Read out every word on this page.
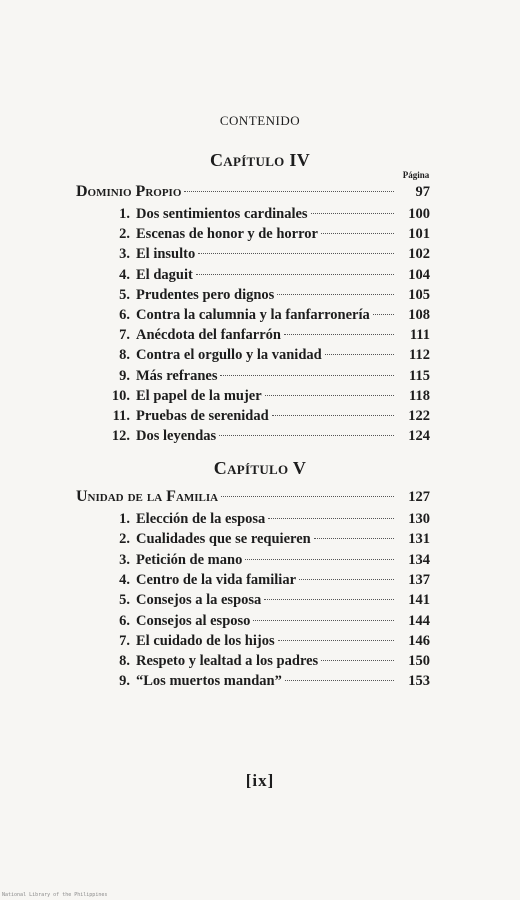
CONTENIDO
Capítulo IV
Página
Dominio Propio	97
1. Dos sentimientos cardinales	100
2. Escenas de honor y de horror	101
3. El insulto	102
4. El daguit	104
5. Prudentes pero dignos	105
6. Contra la calumnia y la fanfarronería	108
7. Anécdota del fanfarrón	111
8. Contra el orgullo y la vanidad	112
9. Más refranes	115
10. El papel de la mujer	118
11. Pruebas de serenidad	122
12. Dos leyendas	124
Capítulo V
Unidad de la Familia	127
1. Elección de la esposa	130
2. Cualidades que se requieren	131
3. Petición de mano	134
4. Centro de la vida familiar	137
5. Consejos a la esposa	141
6. Consejos al esposo	144
7. El cuidado de los hijos	146
8. Respeto y lealtad a los padres	150
9. “Los muertos mandan”	153
[ix]
National Library of the Philippines
